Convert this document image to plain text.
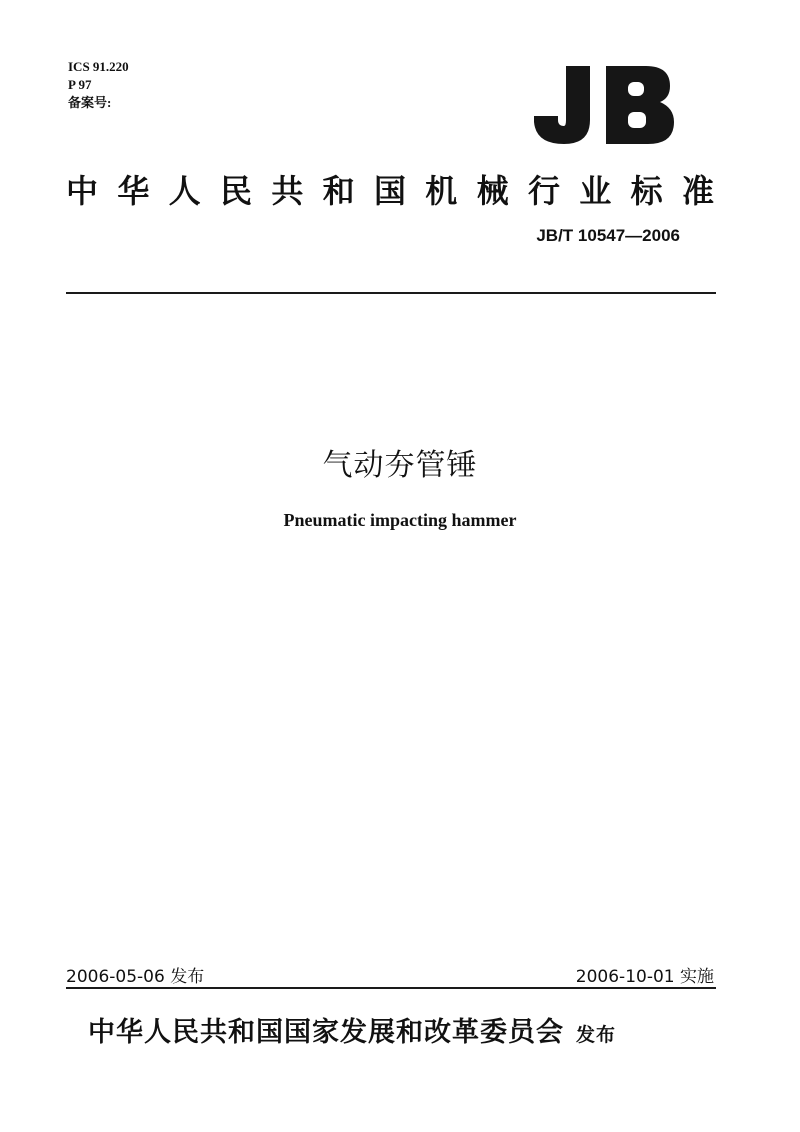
ICS 91.220
P 97
备案号:
中 华 人 民 共 和 国 机 械 行 业 标 准
JB/T 10547—2006
气动夯管锤
Pneumatic impacting hammer
2006-05-06 发布	2006-10-01 实施
中华人民共和国国家发展和改革委员会 发布
